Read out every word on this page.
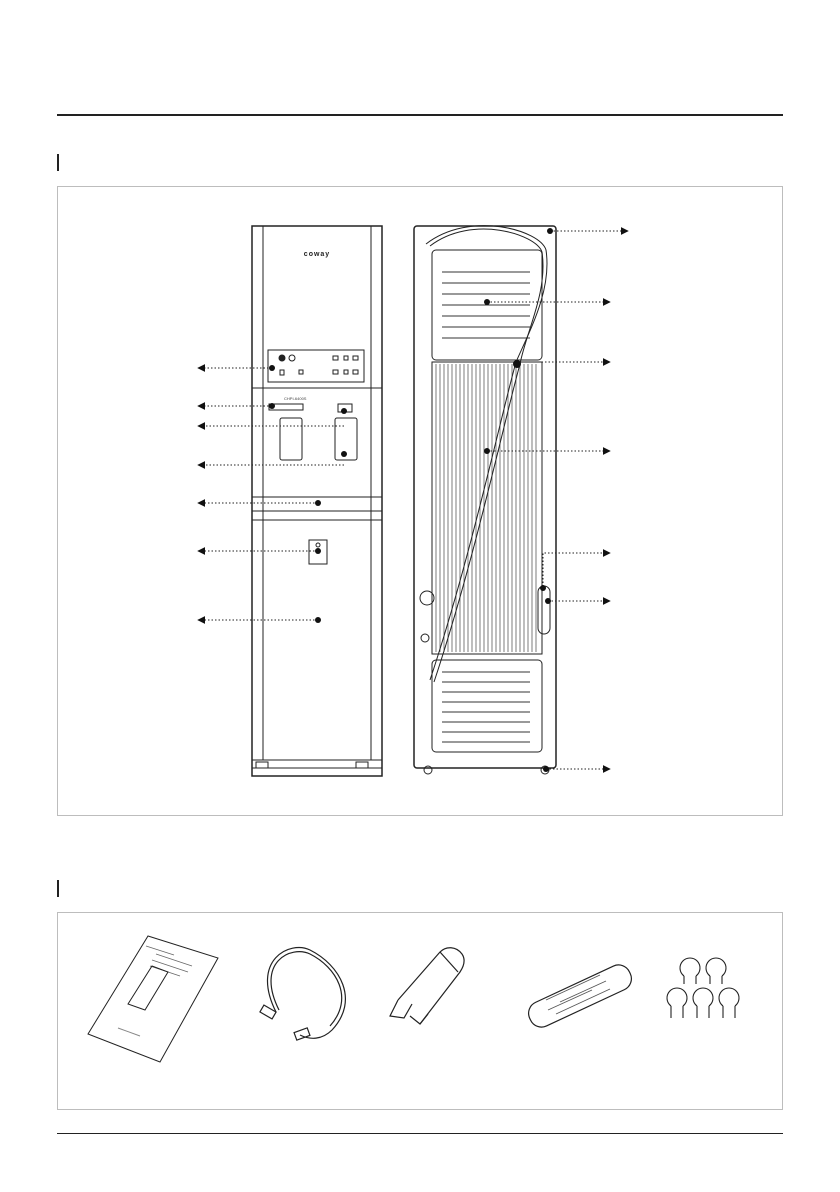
coway
CHPI-6400S
